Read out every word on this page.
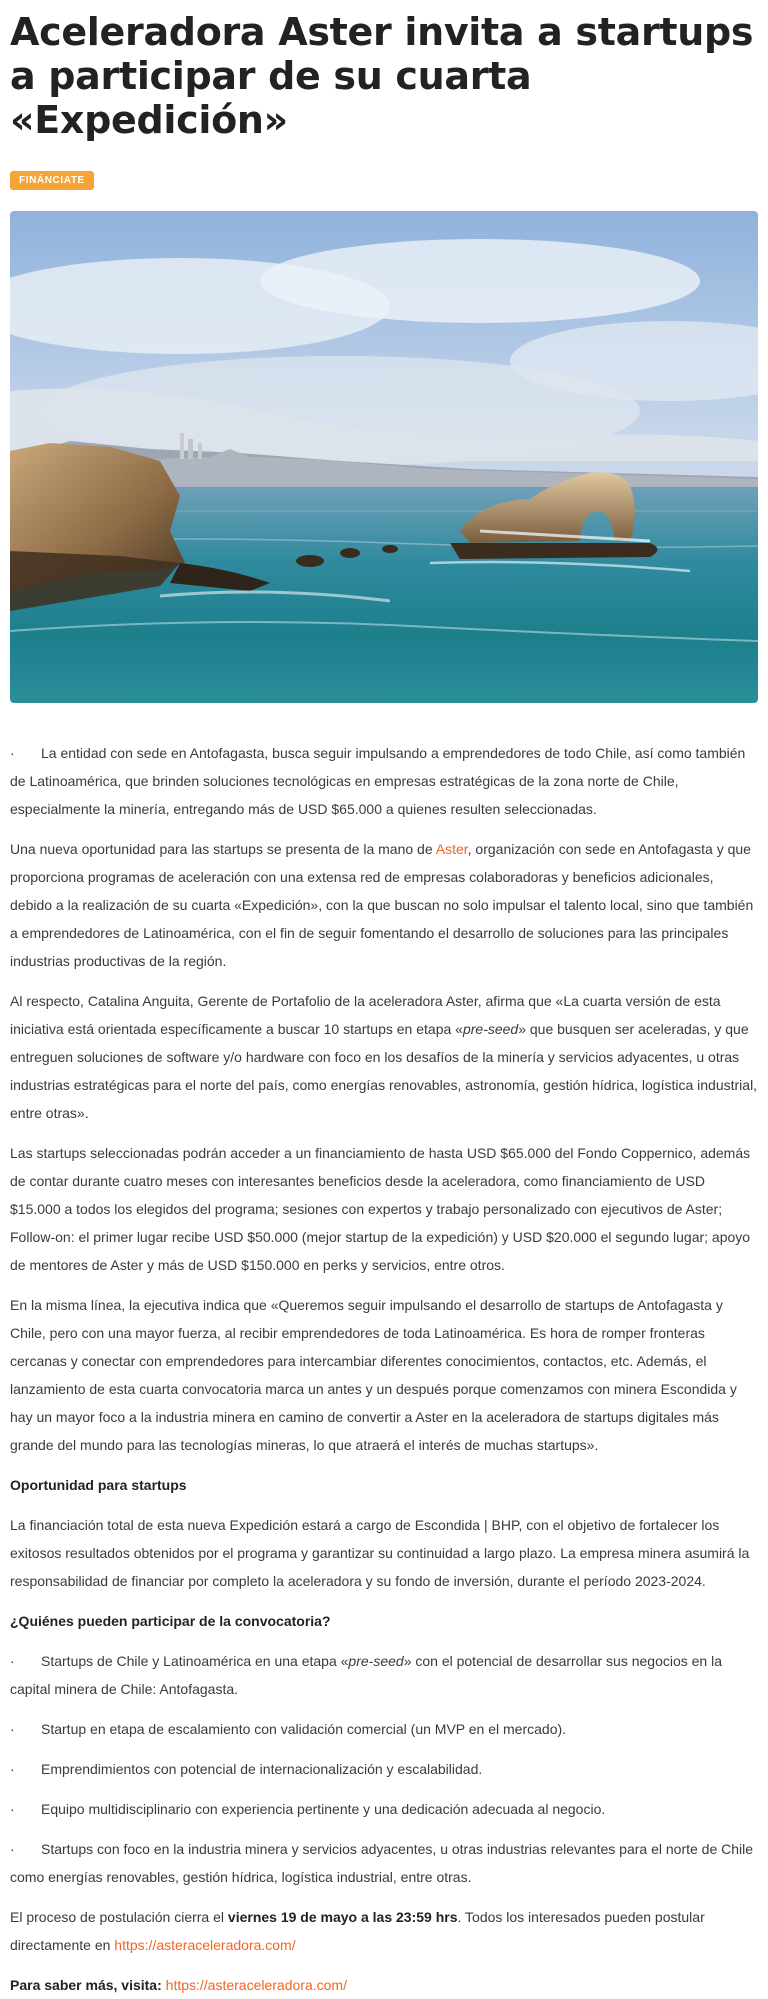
Aceleradora Aster invita a startups a participar de su cuarta «Expedición»
FINÁNCIA​TE

· La entidad con sede en Antofagasta, busca seguir impulsando a emprendedores de todo Chile, así como también de Latinoamérica, que brinden soluciones tecnológicas en empresas estratégicas de la zona norte de Chile, especialmente la minería, entregando más de USD $65.000 a quienes resulten seleccionadas.

Una nueva oportunidad para las startups se presenta de la mano de Aster, organización con sede en Antofagasta y que proporciona programas de aceleración con una extensa red de empresas colaboradoras y beneficios adicionales, debido a la realización de su cuarta «Expedición», con la que buscan no solo impulsar el talento local, sino que también a emprendedores de Latinoamérica, con el fin de seguir fomentando el desarrollo de soluciones para las principales industrias productivas de la región.

Al respecto, Catalina Anguita, Gerente de Portafolio de la aceleradora Aster, afirma que «La cuarta versión de esta iniciativa está orientada específicamente a buscar 10 startups en etapa «pre-seed» que busquen ser aceleradas, y que entreguen soluciones de software y/o hardware con foco en los desafíos de la minería y servicios adyacentes, u otras industrias estratégicas para el norte del país, como energías renovables, astronomía, gestión hídrica, logística industrial, entre otras».

Las startups seleccionadas podrán acceder a un financiamiento de hasta USD $65.000 del Fondo Coppernico, además de contar durante cuatro meses con interesantes beneficios desde la aceleradora, como financiamiento de USD $15.000 a todos los elegidos del programa; sesiones con expertos y trabajo personalizado con ejecutivos de Aster; Follow-on: el primer lugar recibe USD $50.000 (mejor startup de la expedición) y USD $20.000 el segundo lugar; apoyo de mentores de Aster y más de USD $150.000 en perks y servicios, entre otros.

En la misma línea, la ejecutiva indica que «Queremos seguir impulsando el desarrollo de startups de Antofagasta y Chile, pero con una mayor fuerza, al recibir emprendedores de toda Latinoamérica. Es hora de romper fronteras cercanas y conectar con emprendedores para intercambiar diferentes conocimientos, contactos, etc. Además, el lanzamiento de esta cuarta convocatoria marca un antes y un después porque comenzamos con minera Escondida y hay un mayor foco a la industria minera en camino de convertir a Aster en la aceleradora de startups digitales más grande del mundo para las tecnologías mineras, lo que atraerá el interés de muchas startups».

Oportunidad para startups

La financiación total de esta nueva Expedición estará a cargo de Escondida | BHP, con el objetivo de fortalecer los exitosos resultados obtenidos por el programa y garantizar su continuidad a largo plazo. La empresa minera asumirá la responsabilidad de financiar por completo la aceleradora y su fondo de inversión, durante el período 2023-2024.

¿Quiénes pueden participar de la convocatoria?

· Startups de Chile y Latinoamérica en una etapa «pre-seed» con el potencial de desarrollar sus negocios en la capital minera de Chile: Antofagasta.

· Startup en etapa de escalamiento con validación comercial (un MVP en el mercado).

· Emprendimientos con potencial de internacionalización y escalabilidad.

· Equipo multidisciplinario con experiencia pertinente y una dedicación adecuada al negocio.

· Startups con foco en la industria minera y servicios adyacentes, u otras industrias relevantes para el norte de Chile como energías renovables, gestión hídrica, logística industrial, entre otras.

El proceso de postulación cierra el viernes 19 de mayo a las 23:59 hrs. Todos los interesados pueden postular directamente en https://asteraceleradora.com/

Para saber más, visita: https://asteraceleradora.com/
